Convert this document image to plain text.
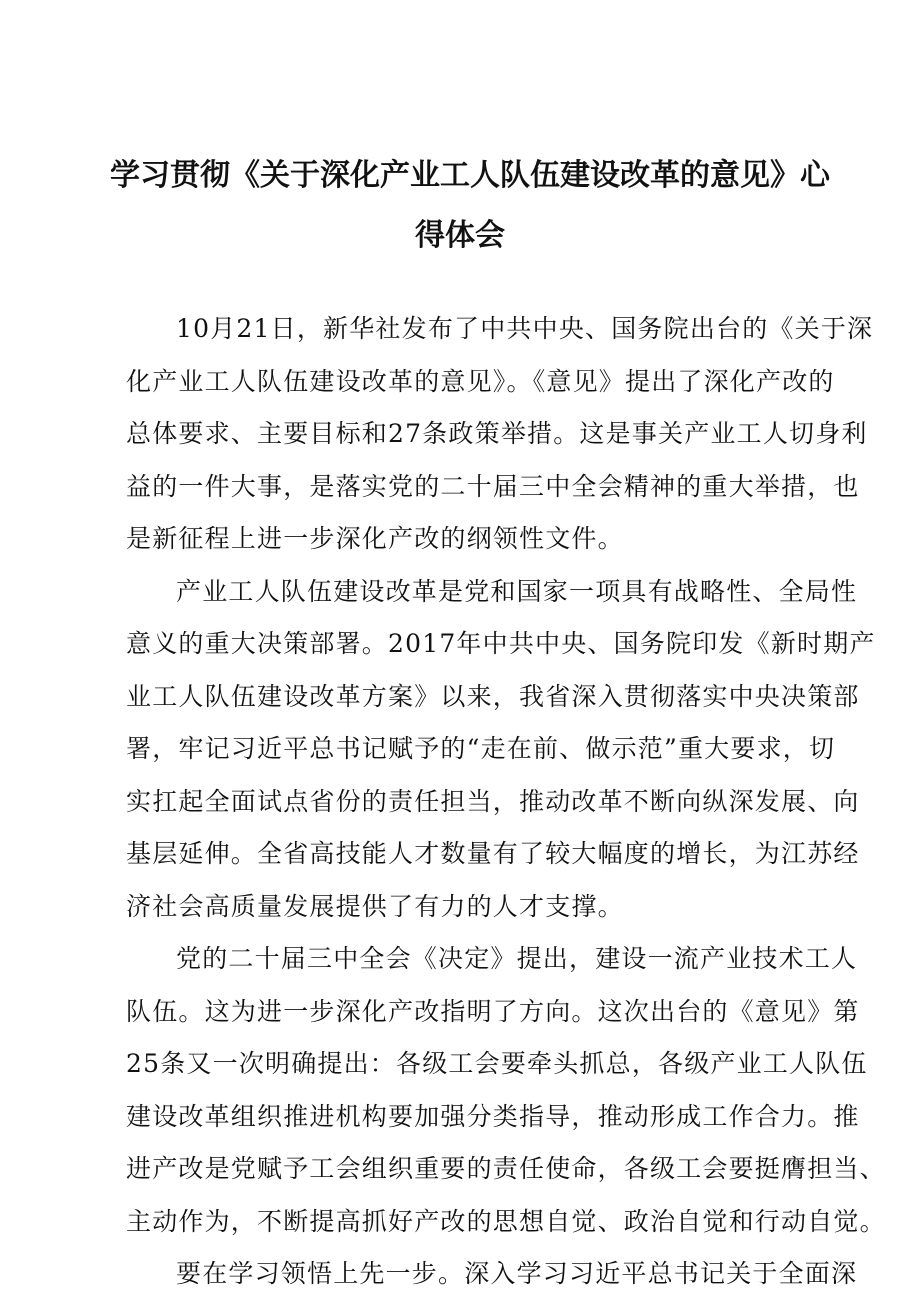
学习贯彻《关于深化产业工人队伍建设改革的意见》心
得体会

10月21日，新华社发布了中共中央、国务院出台的《关于深
化产业工人队伍建设改革的意见》。《意见》提出了深化产改的
总体要求、主要目标和27条政策举措。这是事关产业工人切身利
益的一件大事，是落实党的二十届三中全会精神的重大举措，也
是新征程上进一步深化产改的纲领性文件。

产业工人队伍建设改革是党和国家一项具有战略性、全局性
意义的重大决策部署。2017年中共中央、国务院印发《新时期产
业工人队伍建设改革方案》以来，我省深入贯彻落实中央决策部
署，牢记习近平总书记赋予的“走在前、做示范”重大要求，切
实扛起全面试点省份的责任担当，推动改革不断向纵深发展、向
基层延伸。全省高技能人才数量有了较大幅度的增长，为江苏经
济社会高质量发展提供了有力的人才支撑。

党的二十届三中全会《决定》提出，建设一流产业技术工人
队伍。这为进一步深化产改指明了方向。这次出台的《意见》第
25条又一次明确提出：各级工会要牵头抓总，各级产业工人队伍
建设改革组织推进机构要加强分类指导，推动形成工作合力。推
进产改是党赋予工会组织重要的责任使命，各级工会要挺膺担当、
主动作为，不断提高抓好产改的思想自觉、政治自觉和行动自觉。

要在学习领悟上先一步。深入学习习近平总书记关于全面深
